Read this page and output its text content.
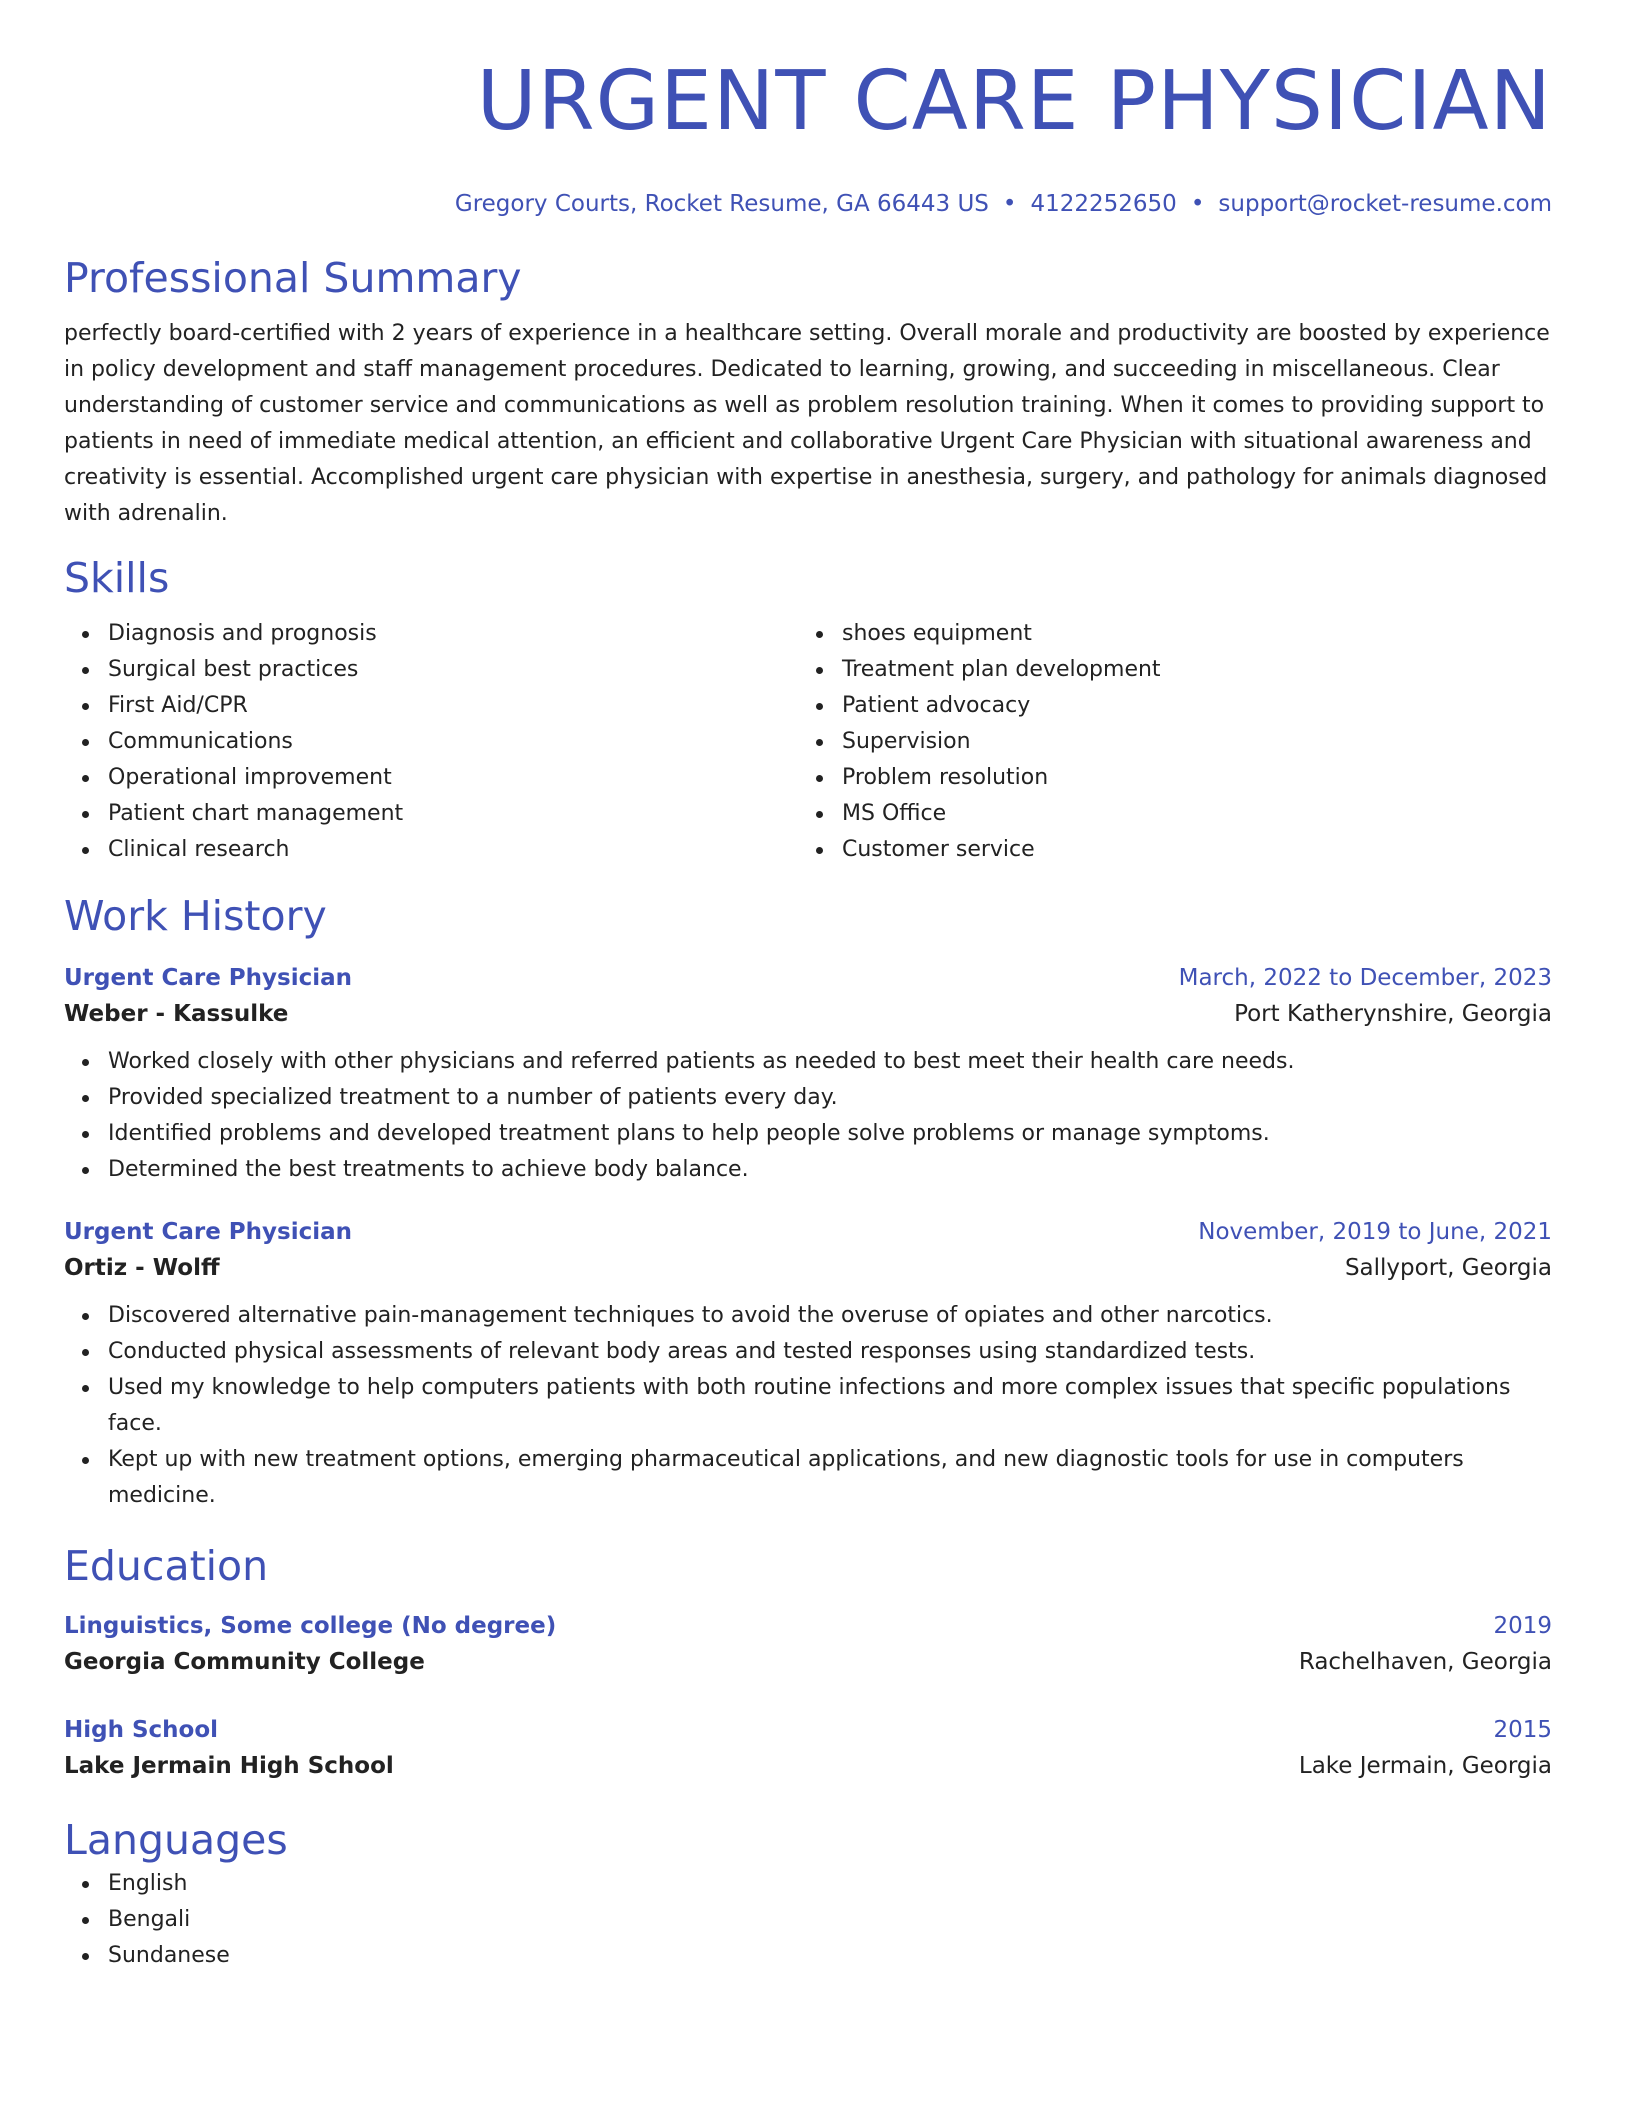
URGENT CARE PHYSICIAN
Gregory Courts, Rocket Resume, GA 66443 US • 4122252650 • support@rocket-resume.com
Professional Summary
perfectly board-certified with 2 years of experience in a healthcare setting. Overall morale and productivity are boosted by experience in policy development and staff management procedures. Dedicated to learning, growing, and succeeding in miscellaneous. Clear understanding of customer service and communications as well as problem resolution training. When it comes to providing support to patients in need of immediate medical attention, an efficient and collaborative Urgent Care Physician with situational awareness and creativity is essential. Accomplished urgent care physician with expertise in anesthesia, surgery, and pathology for animals diagnosed with adrenalin.
Skills
Diagnosis and prognosis
Surgical best practices
First Aid/CPR
Communications
Operational improvement
Patient chart management
Clinical research
shoes equipment
Treatment plan development
Patient advocacy
Supervision
Problem resolution
MS Office
Customer service
Work History
Urgent Care Physician	March, 2022 to December, 2023
Weber - Kassulke	Port Katherynshire, Georgia
Worked closely with other physicians and referred patients as needed to best meet their health care needs.
Provided specialized treatment to a number of patients every day.
Identified problems and developed treatment plans to help people solve problems or manage symptoms.
Determined the best treatments to achieve body balance.
Urgent Care Physician	November, 2019 to June, 2021
Ortiz - Wolff	Sallyport, Georgia
Discovered alternative pain-management techniques to avoid the overuse of opiates and other narcotics.
Conducted physical assessments of relevant body areas and tested responses using standardized tests.
Used my knowledge to help computers patients with both routine infections and more complex issues that specific populations face.
Kept up with new treatment options, emerging pharmaceutical applications, and new diagnostic tools for use in computers medicine.
Education
Linguistics, Some college (No degree)	2019
Georgia Community College	Rachelhaven, Georgia
High School	2015
Lake Jermain High School	Lake Jermain, Georgia
Languages
English
Bengali
Sundanese
